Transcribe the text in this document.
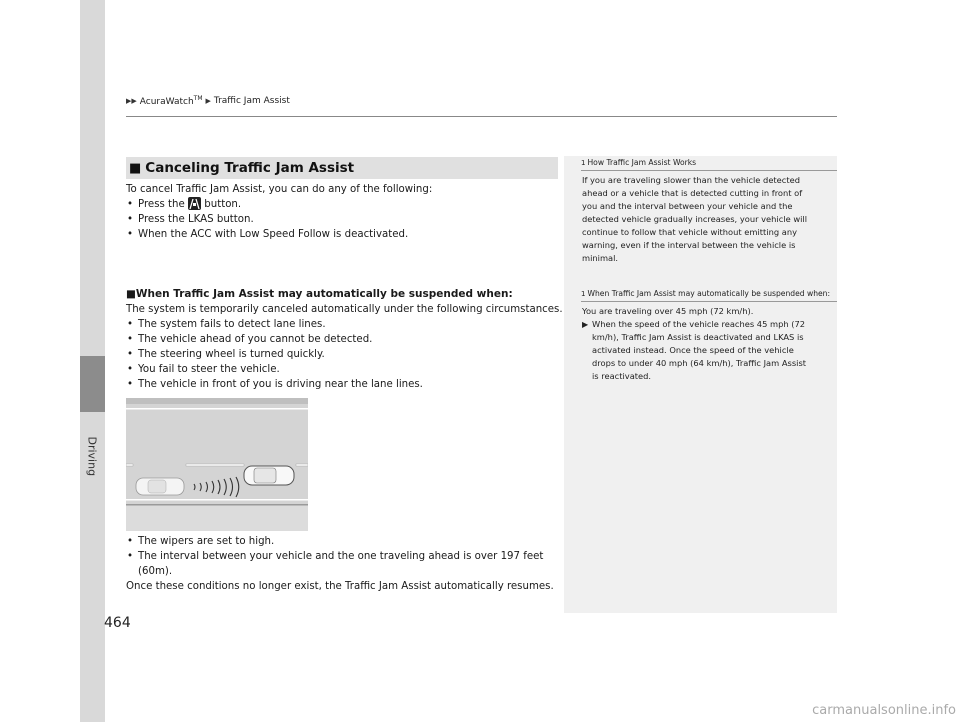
Driving
▶▶ AcuraWatch™ ▶ Traffic Jam Assist
■ Canceling Traffic Jam Assist
To cancel Traffic Jam Assist, you can do any of the following:
• Press the button.
• Press the LKAS button.
• When the ACC with Low Speed Follow is deactivated.
■When Traffic Jam Assist may automatically be suspended when:
The system is temporarily canceled automatically under the following circumstances.
• The system fails to detect lane lines.
• The vehicle ahead of you cannot be detected.
• The steering wheel is turned quickly.
• You fail to steer the vehicle.
• The vehicle in front of you is driving near the lane lines.
• The wipers are set to high.
• The interval between your vehicle and the one traveling ahead is over 197 feet
(60m).
Once these conditions no longer exist, the Traffic Jam Assist automatically resumes.
1 How Traffic Jam Assist Works
If you are traveling slower than the vehicle detected
ahead or a vehicle that is detected cutting in front of
you and the interval between your vehicle and the
detected vehicle gradually increases, your vehicle will
continue to follow that vehicle without emitting any
warning, even if the interval between the vehicle is
minimal.
1 When Traffic Jam Assist may automatically be suspended when:
You are traveling over 45 mph (72 km/h).
▶ When the speed of the vehicle reaches 45 mph (72
km/h), Traffic Jam Assist is deactivated and LKAS is
activated instead. Once the speed of the vehicle
drops to under 40 mph (64 km/h), Traffic Jam Assist
is reactivated.
464
carmanualsonline.info
